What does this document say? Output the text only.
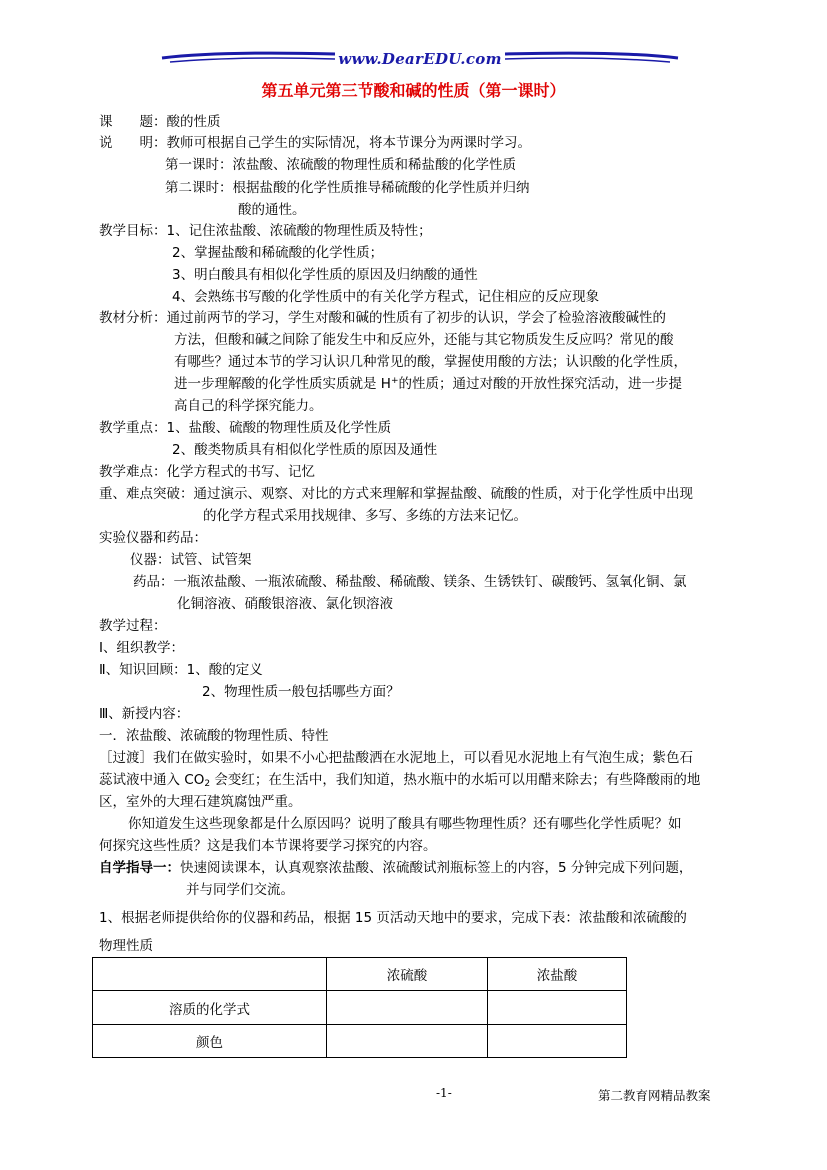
www.DearEDU.com
第五单元第三节酸和碱的性质（第一课时）
课　　题：酸的性质
说　　明：教师可根据自己学生的实际情况，将本节课分为两课时学习。
第一课时：浓盐酸、浓硫酸的物理性质和稀盐酸的化学性质
第二课时：根据盐酸的化学性质推导稀硫酸的化学性质并归纳
酸的通性。
教学目标：1、记住浓盐酸、浓硫酸的物理性质及特性；
2、掌握盐酸和稀硫酸的化学性质；
3、明白酸具有相似化学性质的原因及归纳酸的通性
4、会熟练书写酸的化学性质中的有关化学方程式，记住相应的反应现象
教材分析：通过前两节的学习，学生对酸和碱的性质有了初步的认识，学会了检验溶液酸碱性的
方法，但酸和碱之间除了能发生中和反应外，还能与其它物质发生反应吗？常见的酸
有哪些？通过本节的学习认识几种常见的酸，掌握使用酸的方法；认识酸的化学性质，
进一步理解酸的化学性质实质就是 H+的性质；通过对酸的开放性探究活动，进一步提
高自己的科学探究能力。
教学重点：1、盐酸、硫酸的物理性质及化学性质
2、酸类物质具有相似化学性质的原因及通性
教学难点：化学方程式的书写、记忆
重、难点突破：通过演示、观察、对比的方式来理解和掌握盐酸、硫酸的性质，对于化学性质中出现
的化学方程式采用找规律、多写、多练的方法来记忆。
实验仪器和药品：
仪器：试管、试管架
药品：一瓶浓盐酸、一瓶浓硫酸、稀盐酸、稀硫酸、镁条、生锈铁钉、碳酸钙、氢氧化铜、氯
化铜溶液、硝酸银溶液、氯化钡溶液
教学过程：
Ⅰ、组织教学：
Ⅱ、知识回顾：1、酸的定义
2、物理性质一般包括哪些方面？
Ⅲ、新授内容：
一．浓盐酸、浓硫酸的物理性质、特性
［过渡］我们在做实验时，如果不小心把盐酸洒在水泥地上，可以看见水泥地上有气泡生成；紫色石
蕊试液中通入 $CO_2$ 会变红；在生活中，我们知道，热水瓶中的水垢可以用醋来除去；有些降酸雨的地
区，室外的大理石建筑腐蚀严重。
你知道发生这些现象都是什么原因吗？说明了酸具有哪些物理性质？还有哪些化学性质呢？如
何探究这些性质？这是我们本节课将要学习探究的内容。
自学指导一：快速阅读课本，认真观察浓盐酸、浓硫酸试剂瓶标签上的内容，5 分钟完成下列问题，
并与同学们交流。
1、根据老师提供给你的仪器和药品，根据 15 页活动天地中的要求，完成下表：浓盐酸和浓硫酸的
物理性质
	浓硫酸	浓盐酸
溶质的化学式		
颜色		
-1-	第二教育网精品教案
